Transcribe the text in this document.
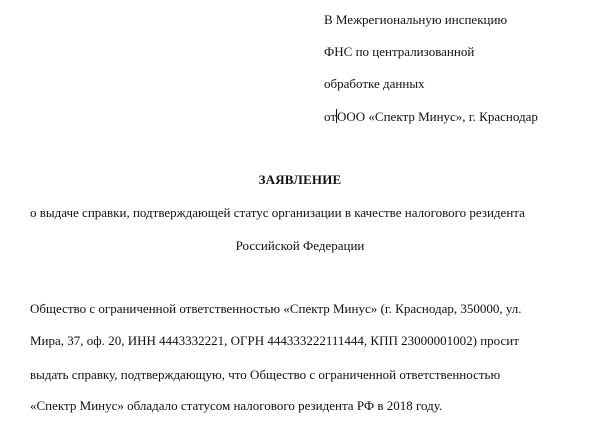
В Межрегиональную инспекцию
ФНС по централизованной
обработке данных
отООО «Спектр Минус», г. Краснодар
ЗАЯВЛЕНИЕ
о выдаче справки, подтверждающей статус организации в качестве налогового резидента
Российской Федерации
Общество с ограниченной ответственностью «Спектр Минус» (г. Краснодар, 350000, ул.
Мира, 37, оф. 20, ИНН 4443332221, ОГРН 444333222111444, КПП 23000001002) просит
выдать справку, подтверждающую, что Общество с ограниченной ответственностью
«Спектр Минус» обладало статусом налогового резидента РФ в 2018 году.
